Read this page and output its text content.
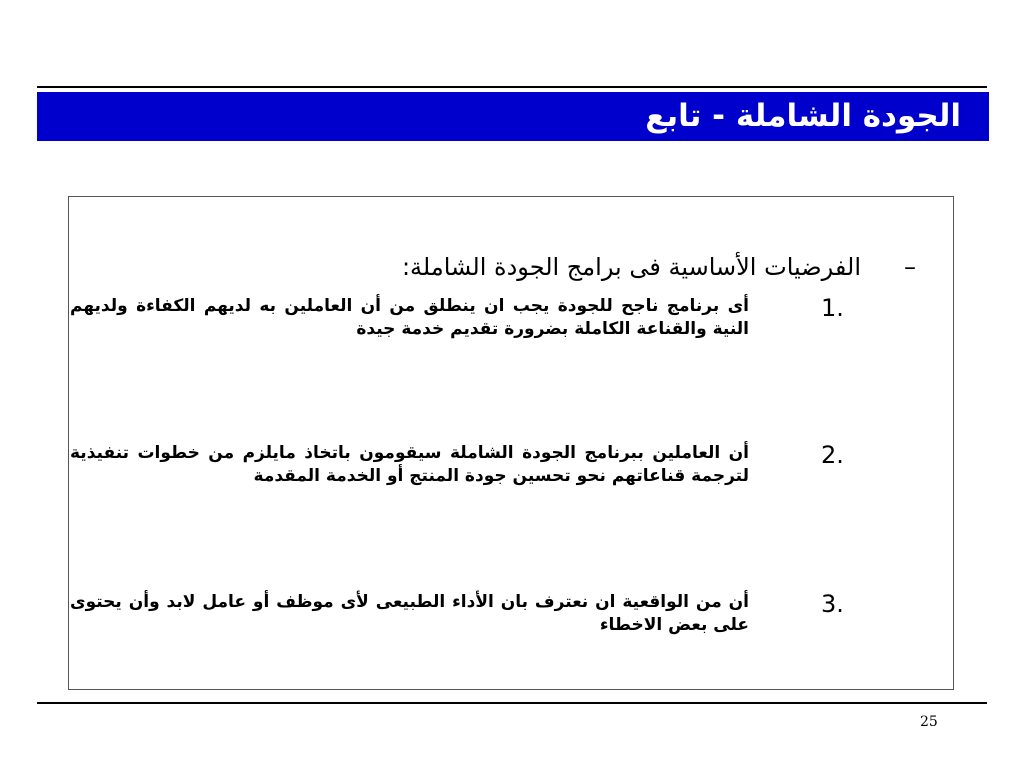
الجودة الشاملة - تابع
–
الفرضيات الأساسية فى برامج الجودة الشاملة:
1.
أى برنامج ناجح للجودة يجب ان ينطلق من أن العاملين به لديهم الكفاءة ولديهم النية والقناعة الكاملة بضرورة تقديم خدمة جيدة
2.
أن العاملين ببرنامج الجودة الشاملة سيقومون باتخاذ مايلزم من خطوات تنفيذية لترجمة قناعاتهم نحو تحسين جودة المنتج أو الخدمة المقدمة
3.
أن من الواقعية ان نعترف بان الأداء الطبيعى لأى موظف أو عامل لابد وأن يحتوى على بعض الاخطاء
25
